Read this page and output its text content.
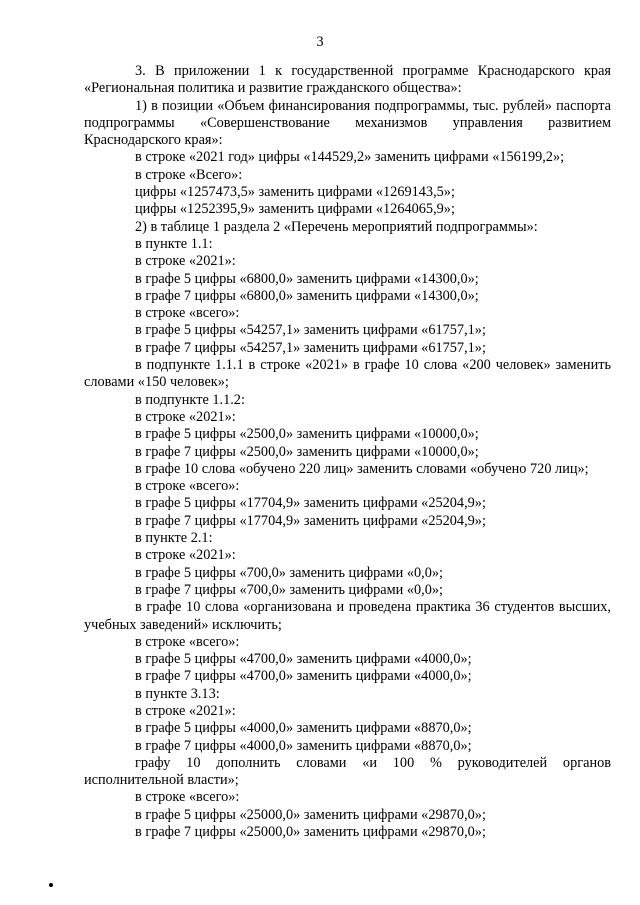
3

3. В приложении 1 к государственной программе Краснодарского края «Региональная политика и развитие гражданского общества»:

1) в позиции «Объем финансирования подпрограммы, тыс. рублей» паспорта подпрограммы «Совершенствование механизмов управления развитием Краснодарского края»:

в строке «2021 год» цифры «144529,2» заменить цифрами «156199,2»;

в строке «Всего»:

цифры «1257473,5» заменить цифрами «1269143,5»;

цифры «1252395,9» заменить цифрами «1264065,9»;

2) в таблице 1 раздела 2 «Перечень мероприятий подпрограммы»:

в пункте 1.1:

в строке «2021»:

в графе 5 цифры «6800,0» заменить цифрами «14300,0»;

в графе 7 цифры «6800,0» заменить цифрами «14300,0»;

в строке «всего»:

в графе 5 цифры «54257,1» заменить цифрами «61757,1»;

в графе 7 цифры «54257,1» заменить цифрами «61757,1»;

в подпункте 1.1.1 в строке «2021» в графе 10 слова «200 человек» заменить словами «150 человек»;

в подпункте 1.1.2:

в строке «2021»:

в графе 5 цифры «2500,0» заменить цифрами «10000,0»;

в графе 7 цифры «2500,0» заменить цифрами «10000,0»;

в графе 10 слова «обучено 220 лиц» заменить словами «обучено 720 лиц»;

в строке «всего»:

в графе 5 цифры «17704,9» заменить цифрами «25204,9»;

в графе 7 цифры «17704,9» заменить цифрами «25204,9»;

в пункте 2.1:

в строке «2021»:

в графе 5 цифры «700,0» заменить цифрами «0,0»;

в графе 7 цифры «700,0» заменить цифрами «0,0»;

в графе 10 слова «организована и проведена практика 36 студентов высших, учебных заведений» исключить;

в строке «всего»:

в графе 5 цифры «4700,0» заменить цифрами «4000,0»;

в графе 7 цифры «4700,0» заменить цифрами «4000,0»;

в пункте 3.13:

в строке «2021»:

в графе 5 цифры «4000,0» заменить цифрами «8870,0»;

в графе 7 цифры «4000,0» заменить цифрами «8870,0»;

графу 10 дополнить словами «и 100 % руководителей органов исполнительной власти»;

в строке «всего»:

в графе 5 цифры «25000,0» заменить цифрами «29870,0»;

в графе 7 цифры «25000,0» заменить цифрами «29870,0»;
